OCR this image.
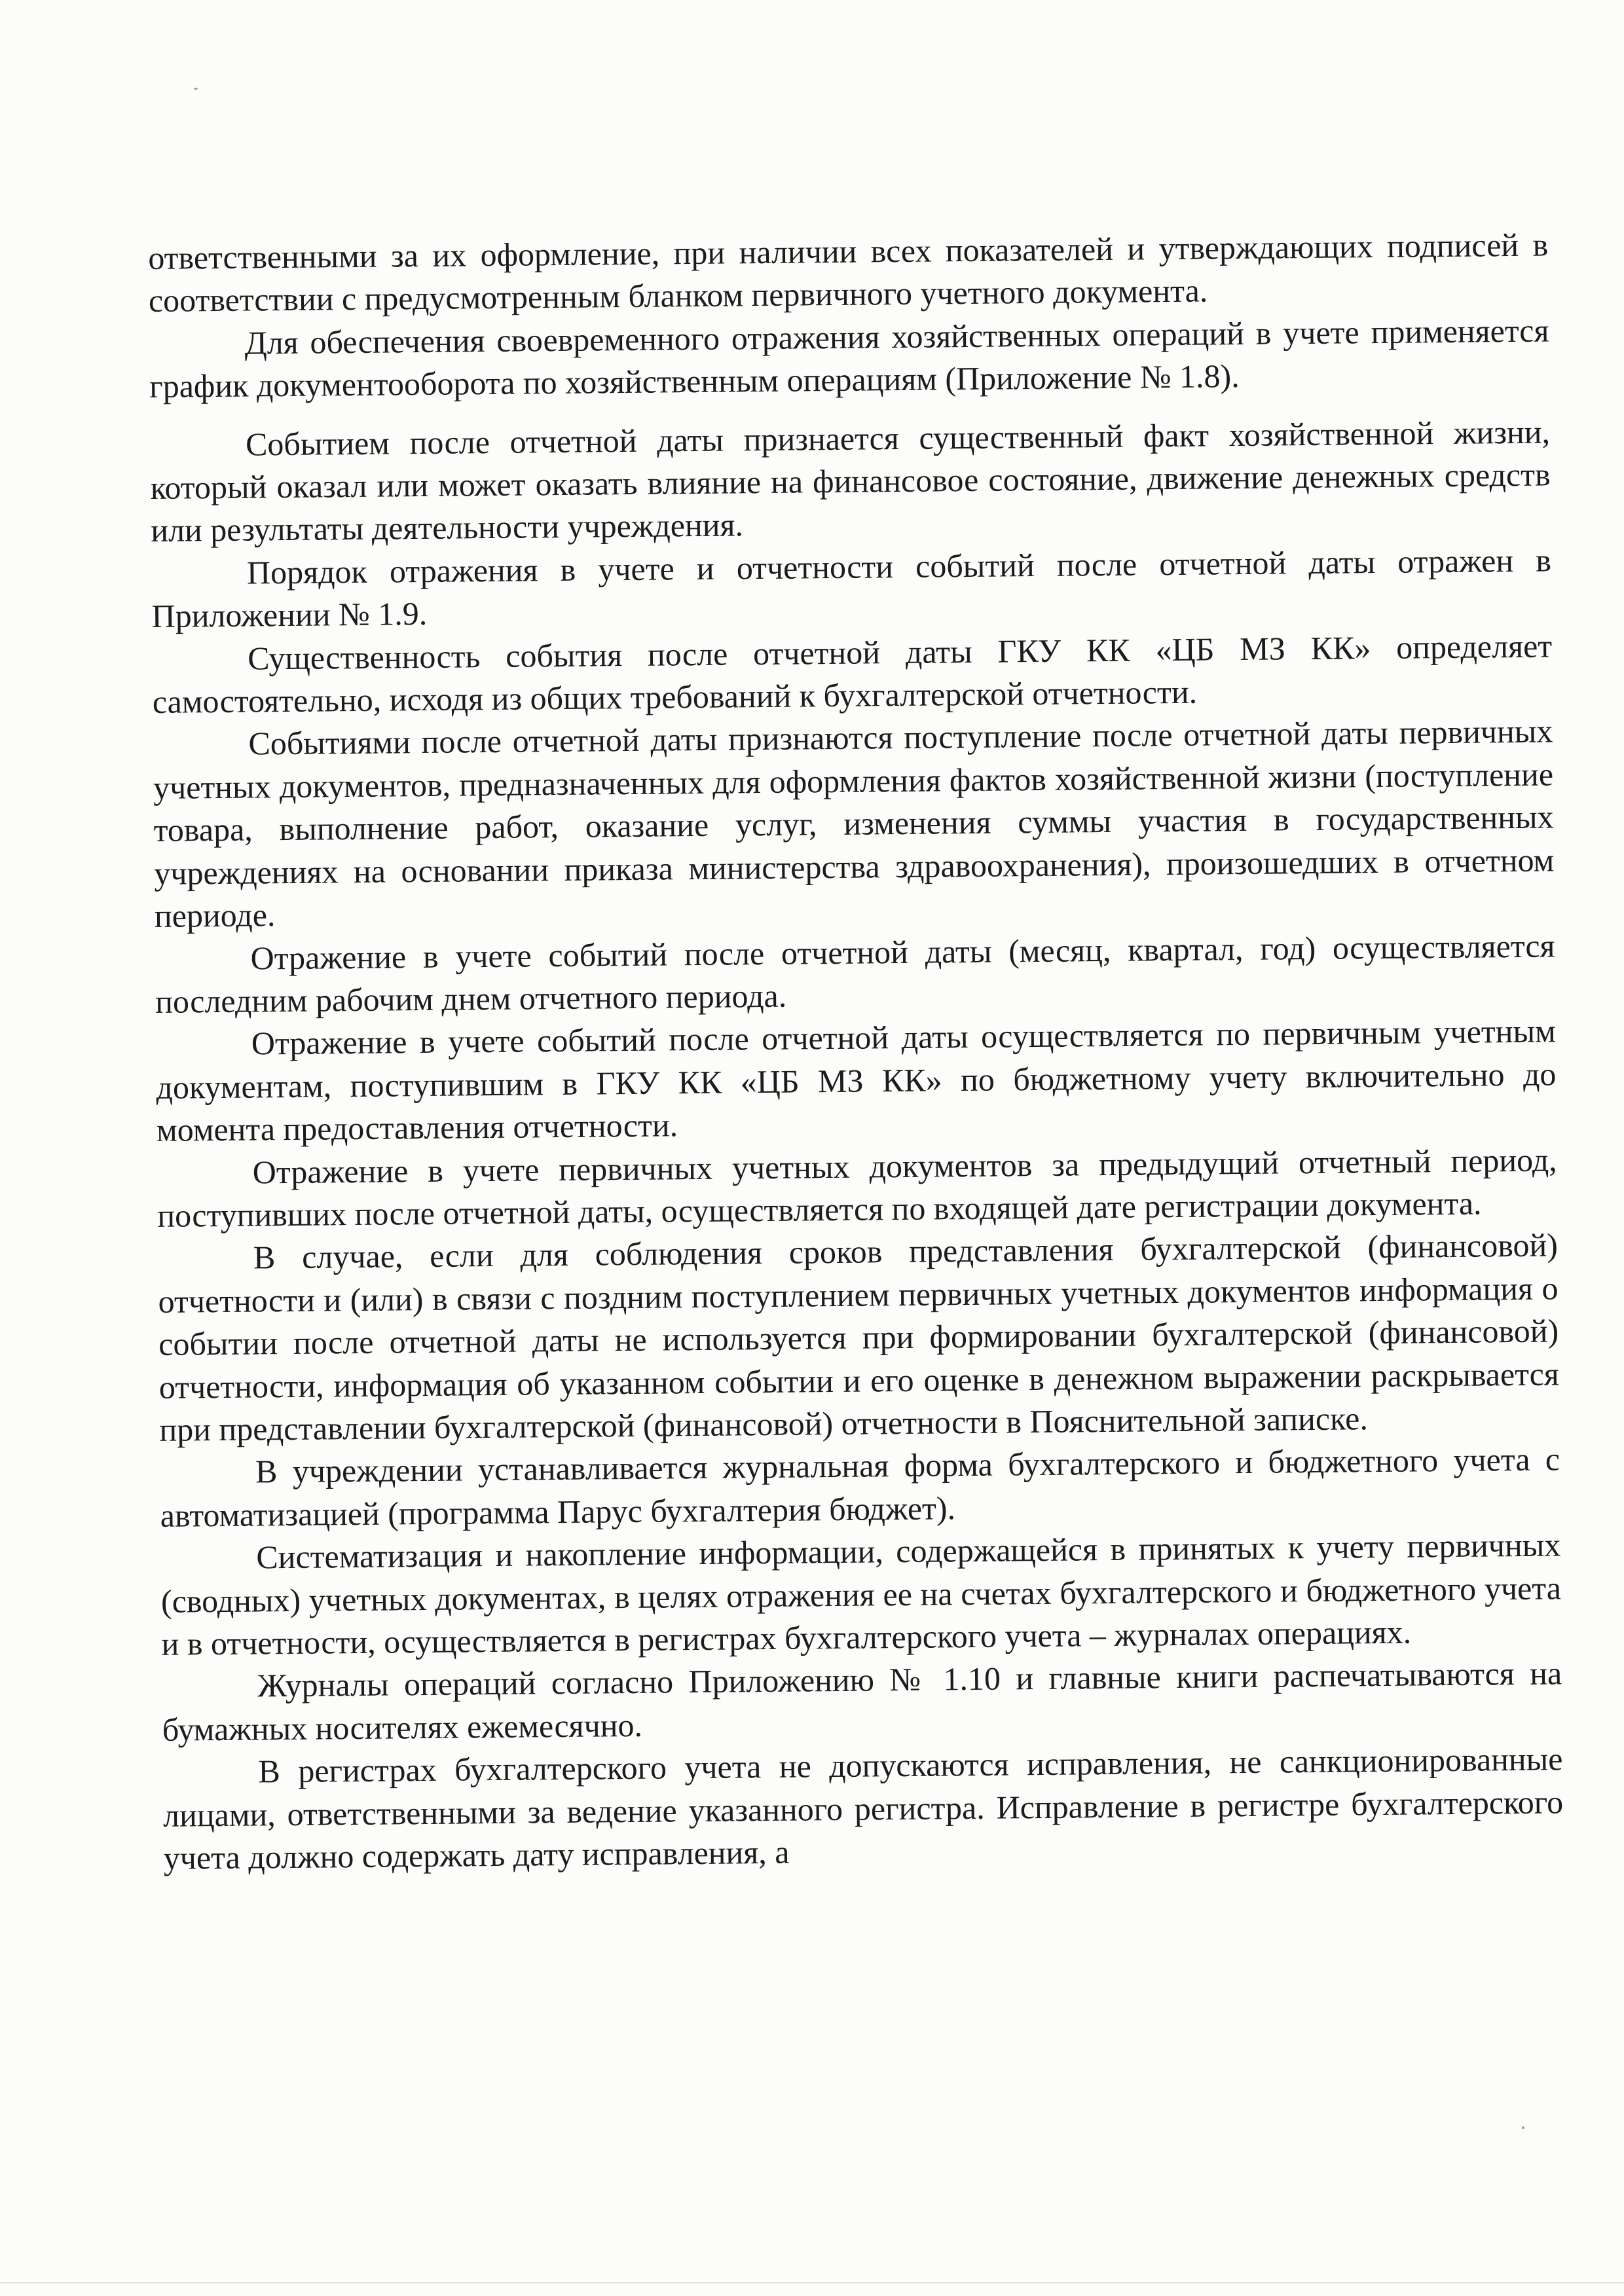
ответственными за их оформление, при наличии всех показателей и утверждающих подписей в соответствии с предусмотренным бланком первичного учетного документа.

Для обеспечения своевременного отражения хозяйственных операций в учете применяется график документооборота по хозяйственным операциям (Приложение № 1.8).

Событием после отчетной даты признается существенный факт хозяйственной жизни, который оказал или может оказать влияние на финансовое состояние, движение денежных средств или результаты деятельности учреждения.

Порядок отражения в учете и отчетности событий после отчетной даты отражен в Приложении № 1.9.

Существенность события после отчетной даты ГКУ КК «ЦБ МЗ КК» определяет самостоятельно, исходя из общих требований к бухгалтерской отчетности.

Событиями после отчетной даты признаются поступление после отчетной даты первичных учетных документов, предназначенных для оформления фактов хозяйственной жизни (поступление товара, выполнение работ, оказание услуг, изменения суммы участия в государственных учреждениях на основании приказа министерства здравоохранения), произошедших в отчетном периоде.

Отражение в учете событий после отчетной даты (месяц, квартал, год) осуществляется последним рабочим днем отчетного периода.

Отражение в учете событий после отчетной даты осуществляется по первичным учетным документам, поступившим в ГКУ КК «ЦБ МЗ КК» по бюджетному учету включительно до момента предоставления отчетности.

Отражение в учете первичных учетных документов за предыдущий отчетный период, поступивших после отчетной даты, осуществляется по входящей дате регистрации документа.

В случае, если для соблюдения сроков представления бухгалтерской (финансовой) отчетности и (или) в связи с поздним поступлением первичных учетных документов информация о событии после отчетной даты не используется при формировании бухгалтерской (финансовой) отчетности, информация об указанном событии и его оценке в денежном выражении раскрывается при представлении бухгалтерской (финансовой) отчетности в Пояснительной записке.

В учреждении устанавливается журнальная форма бухгалтерского и бюджетного учета с автоматизацией (программа Парус бухгалтерия бюджет).

Систематизация и накопление информации, содержащейся в принятых к учету первичных (сводных) учетных документах, в целях отражения ее на счетах бухгалтерского и бюджетного учета и в отчетности, осуществляется в регистрах бухгалтерского учета – журналах операциях.

Журналы операций согласно Приложению № 1.10 и главные книги распечатываются на бумажных носителях ежемесячно.

В регистрах бухгалтерского учета не допускаются исправления, не санкционированные лицами, ответственными за ведение указанного регистра. Исправление в регистре бухгалтерского учета должно содержать дату исправления, а
